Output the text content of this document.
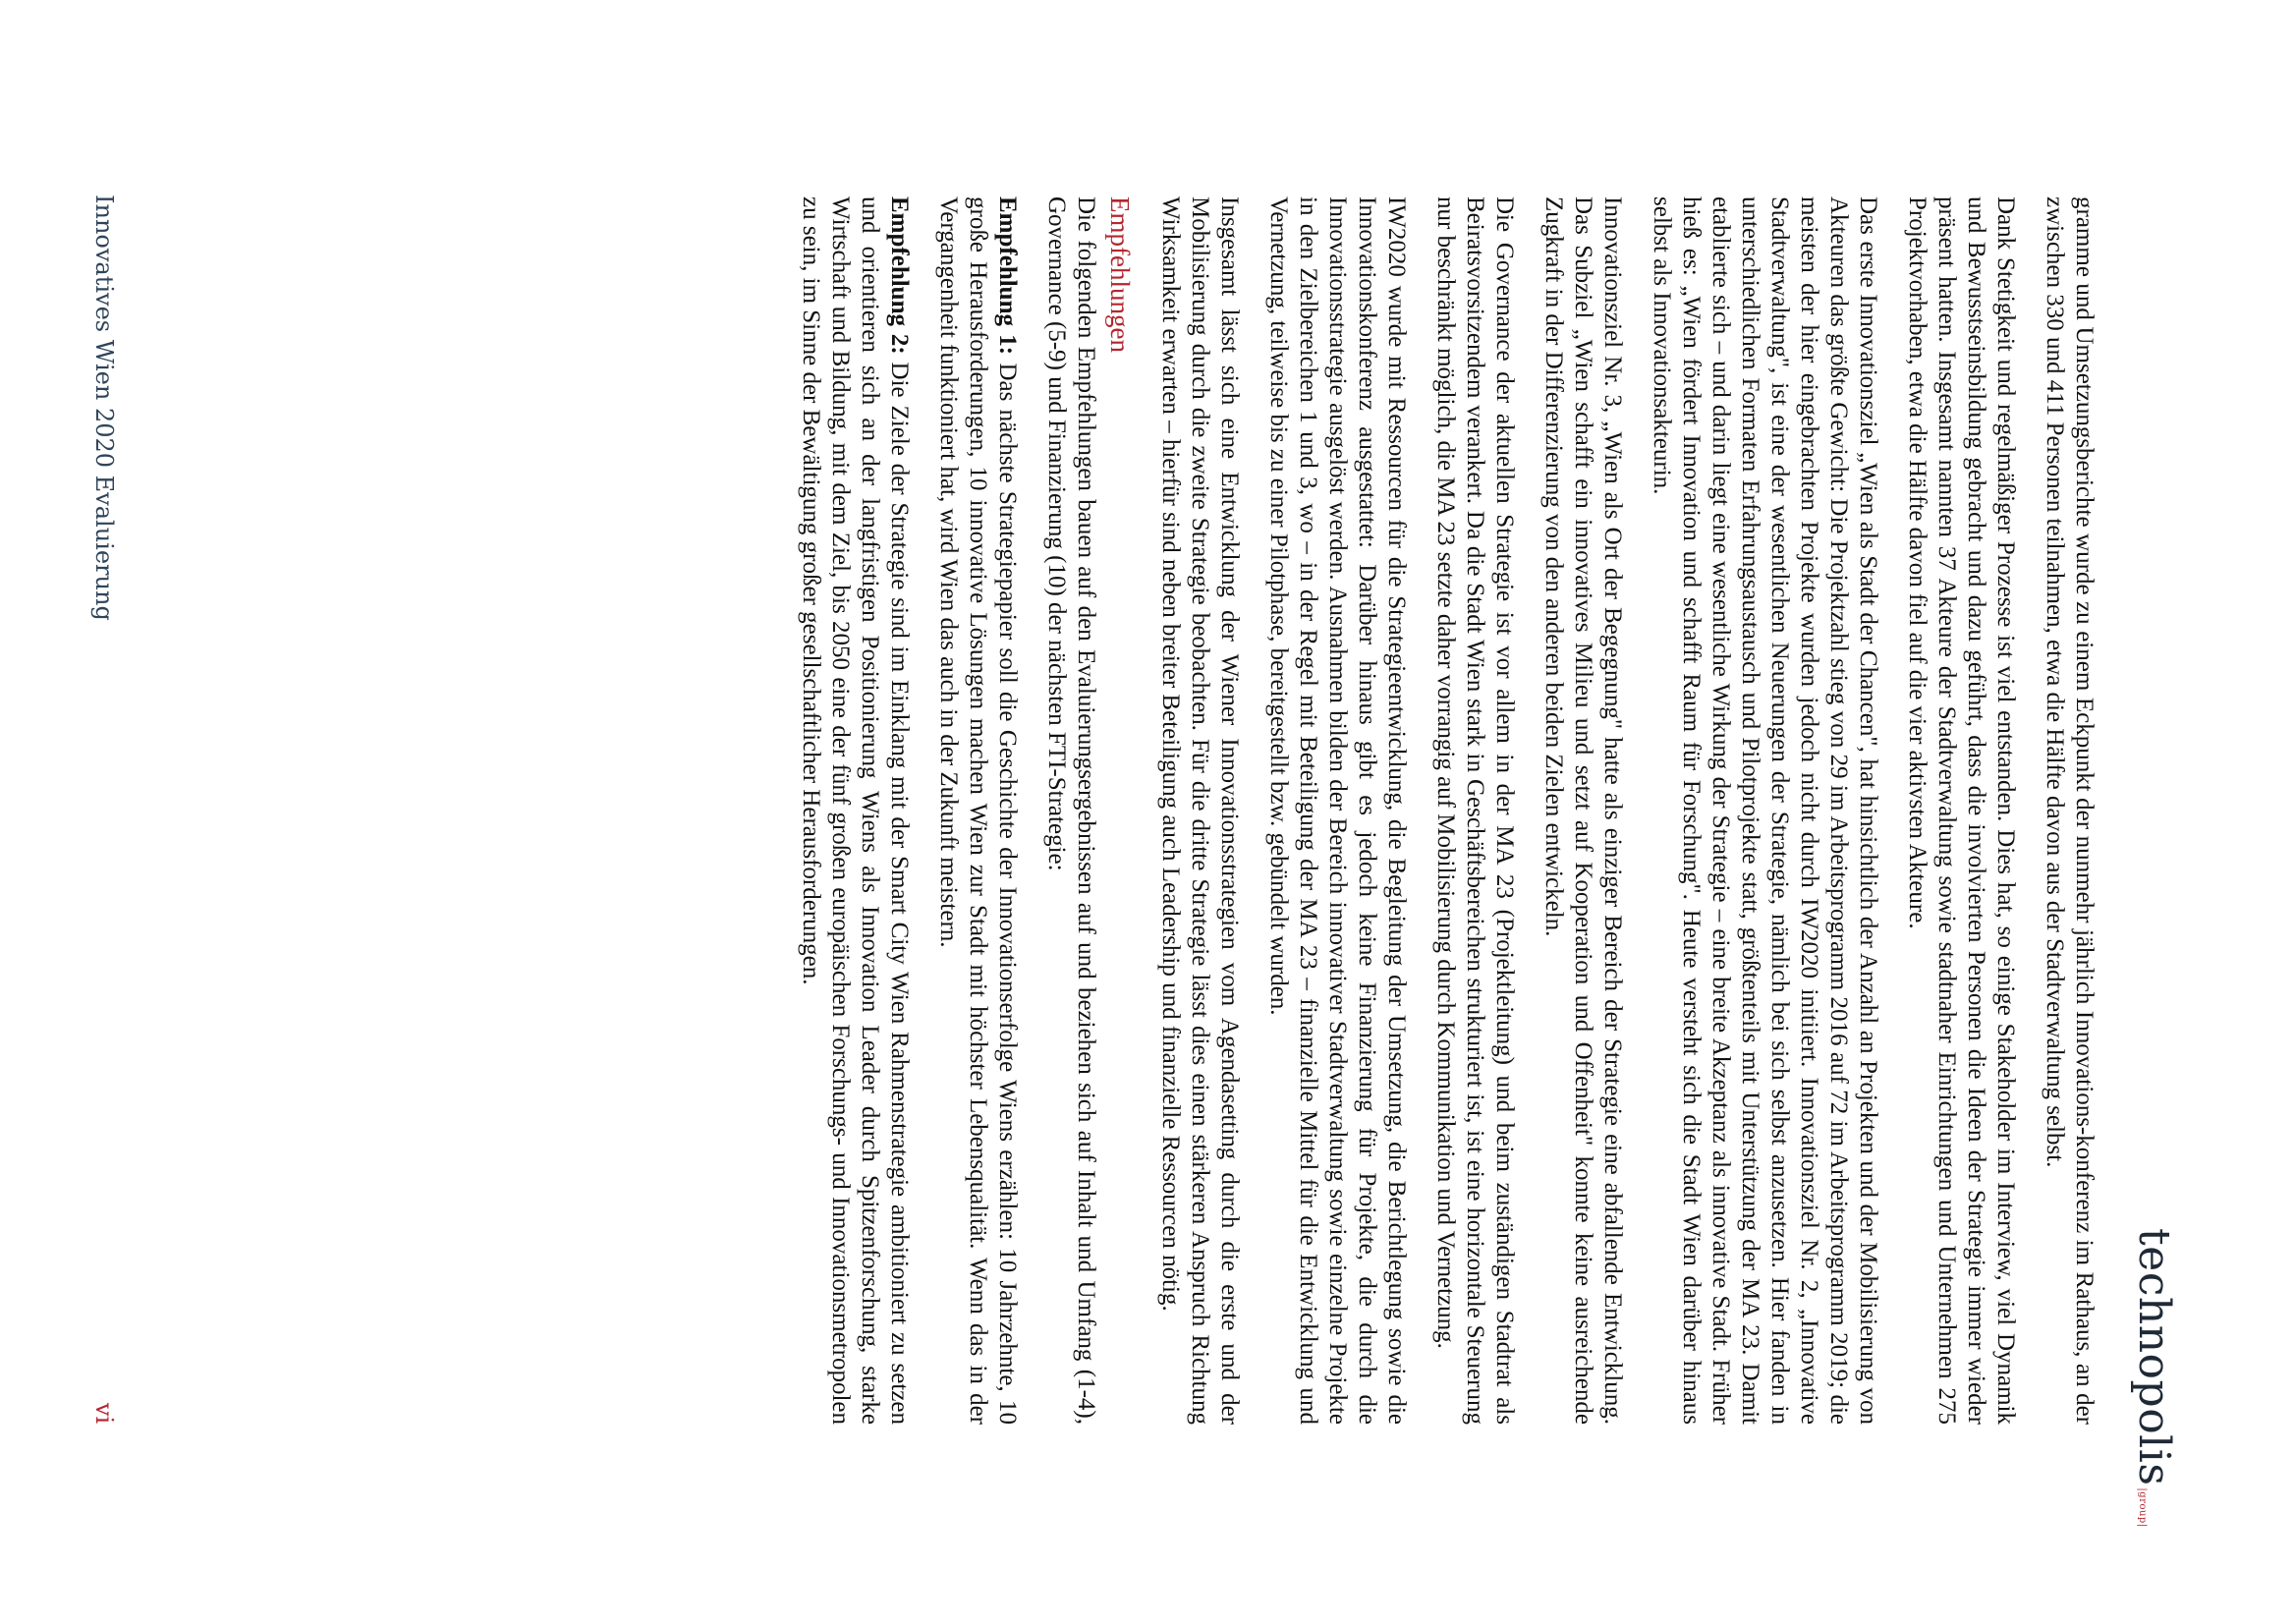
technopolis|group|

gramme und Umsetzungsberichte wurde zu einem Eckpunkt der nunmehr jährlich Innovations-konferenz im Rathaus, an der zwischen 330 und 411 Personen teilnahmen, etwa die Hälfte davon aus der Stadtverwaltung selbst.

Dank Stetigkeit und regelmäßiger Prozesse ist viel entstanden. Dies hat, so einige Stakeholder im Interview, viel Dynamik und Bewusstseinsbildung gebracht und dazu geführt, dass die involvierten Personen die Ideen der Strategie immer wieder präsent hatten. Insgesamt nannten 37 Akteure der Stadtverwaltung sowie stadtnaher Einrichtungen und Unternehmen 275 Projektvorhaben, etwa die Hälfte davon fiel auf die vier aktivsten Akteure.

Das erste Innovationsziel „Wien als Stadt der Chancen", hat hinsichtlich der Anzahl an Projekten und der Mobilisierung von Akteuren das größte Gewicht: Die Projektzahl stieg von 29 im Arbeitsprogramm 2016 auf 72 im Arbeitsprogramm 2019; die meisten der hier eingebrachten Projekte wurden jedoch nicht durch IW2020 initiiert. Innovationsziel Nr. 2, „Innovative Stadtverwaltung", ist eine der wesentlichen Neuerungen der Strategie, nämlich bei sich selbst anzusetzen. Hier fanden in unterschiedlichen Formaten Erfahrungsaustausch und Pilotprojekte statt, größtenteils mit Unterstützung der MA 23. Damit etablierte sich – und darin liegt eine wesentliche Wirkung der Strategie – eine breite Akzeptanz als innovative Stadt. Früher hieß es: „Wien fördert Innovation und schafft Raum für Forschung". Heute versteht sich die Stadt Wien darüber hinaus selbst als Innovationsakteurin.

Innovationsziel Nr. 3, „Wien als Ort der Begegnung" hatte als einziger Bereich der Strategie eine abfallende Entwicklung. Das Subziel „Wien schafft ein innovatives Milieu und setzt auf Kooperation und Offenheit" konnte keine ausreichende Zugkraft in der Differenzierung von den anderen beiden Zielen entwickeln.

Die Governance der aktuellen Strategie ist vor allem in der MA 23 (Projektleitung) und beim zuständigen Stadtrat als Beiratsvorsitzendem verankert. Da die Stadt Wien stark in Geschäftsbereichen strukturiert ist, ist eine horizontale Steuerung nur beschränkt möglich, die MA 23 setzte daher vorrangig auf Mobilisierung durch Kommunikation und Vernetzung.

IW2020 wurde mit Ressourcen für die Strategieentwicklung, die Begleitung der Umsetzung, die Berichtlegung sowie die Innovationskonferenz ausgestattet: Darüber hinaus gibt es jedoch keine Finanzierung für Projekte, die durch die Innovationsstrategie ausgelöst werden. Ausnahmen bilden der Bereich innovativer Stadtverwaltung sowie einzelne Projekte in den Zielbereichen 1 und 3, wo – in der Regel mit Beteiligung der MA 23 – finanzielle Mittel für die Entwicklung und Vernetzung, teilweise bis zu einer Pilotphase, bereitgestellt bzw. gebündelt wurden.

Insgesamt lässt sich eine Entwicklung der Wiener Innovationsstrategien vom Agendasetting durch die erste und der Mobilisierung durch die zweite Strategie beobachten. Für die dritte Strategie lässt dies einen stärkeren Anspruch Richtung Wirksamkeit erwarten – hierfür sind neben breiter Beteiligung auch Leadership und finanzielle Ressourcen nötig.

Empfehlungen

Die folgenden Empfehlungen bauen auf den Evaluierungsergebnissen auf und beziehen sich auf Inhalt und Umfang (1-4), Governance (5-9) und Finanzierung (10) der nächsten FTI-Strategie:

Empfehlung 1: Das nächste Strategiepapier soll die Geschichte der Innovationserfolge Wiens erzählen: 10 Jahrzehnte, 10 große Herausforderungen, 10 innovative Lösungen machen Wien zur Stadt mit höchster Lebensqualität. Wenn das in der Vergangenheit funktioniert hat, wird Wien das auch in der Zukunft meistern.

Empfehlung 2: Die Ziele der Strategie sind im Einklang mit der Smart City Wien Rahmenstrategie ambitioniert zu setzen und orientieren sich an der langfristigen Positionierung Wiens als Innovation Leader durch Spitzenforschung, starke Wirtschaft und Bildung, mit dem Ziel, bis 2050 eine der fünf großen europäischen Forschungs- und Innovationsmetropolen zu sein, im Sinne der Bewältigung großer gesellschaftlicher Herausforderungen.

Innovatives Wien 2020 Evaluierung
vi
